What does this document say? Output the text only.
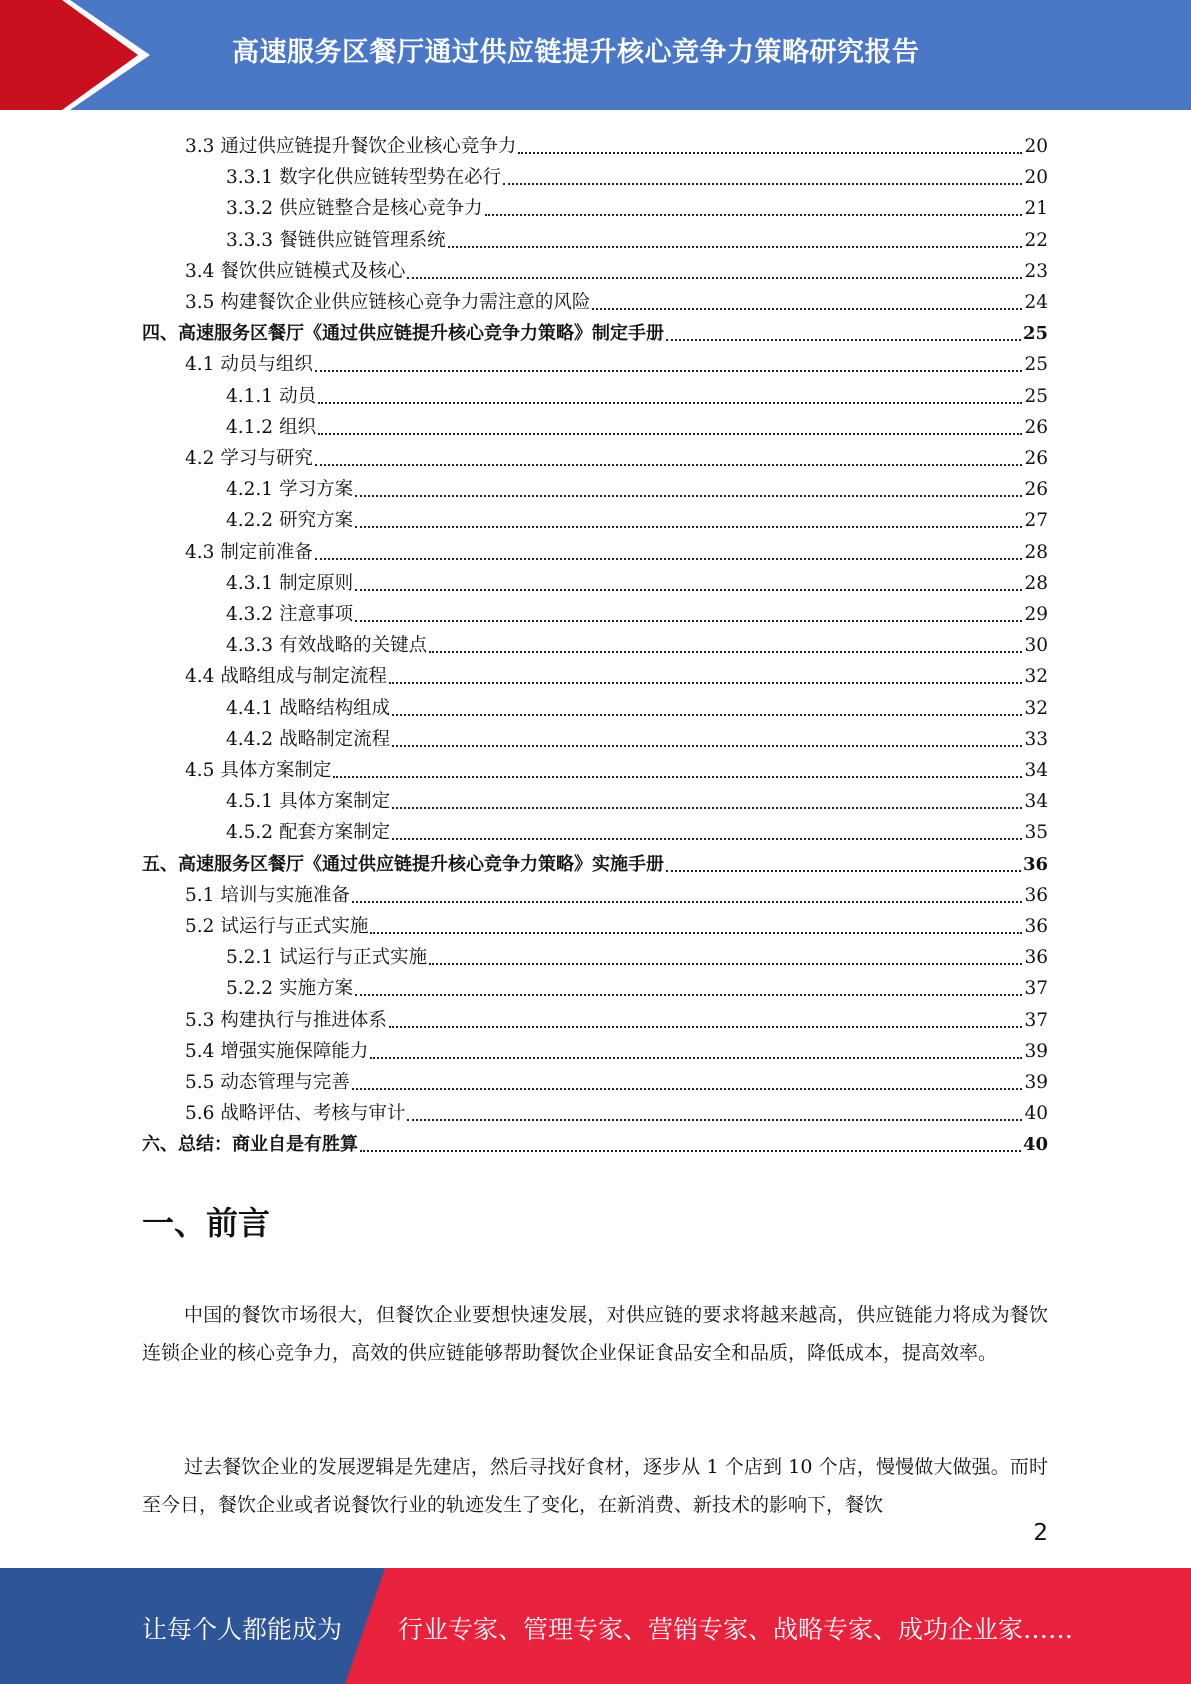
高速服务区餐厅通过供应链提升核心竞争力策略研究报告
3.3 通过供应链提升餐饮企业核心竞争力	20
3.3.1 数字化供应链转型势在必行	20
3.3.2 供应链整合是核心竞争力	21
3.3.3 餐链供应链管理系统	22
3.4 餐饮供应链模式及核心	23
3.5 构建餐饮企业供应链核心竞争力需注意的风险	24
四、 高速服务区餐厅《通过供应链提升核心竞争力策略》制定手册	25
4.1 动员与组织	25
4.1.1 动员	25
4.1.2 组织	26
4.2 学习与研究	26
4.2.1 学习方案	26
4.2.2 研究方案	27
4.3 制定前准备	28
4.3.1 制定原则	28
4.3.2 注意事项	29
4.3.3 有效战略的关键点	30
4.4 战略组成与制定流程	32
4.4.1 战略结构组成	32
4.4.2 战略制定流程	33
4.5 具体方案制定	34
4.5.1 具体方案制定	34
4.5.2 配套方案制定	35
五、 高速服务区餐厅《通过供应链提升核心竞争力策略》实施手册	36
5.1 培训与实施准备	36
5.2 试运行与正式实施	36
5.2.1 试运行与正式实施	36
5.2.2 实施方案	37
5.3 构建执行与推进体系	37
5.4 增强实施保障能力	39
5.5 动态管理与完善	39
5.6 战略评估、考核与审计	40
六、 总结：商业自是有胜算	40
一、前言

中国的餐饮市场很大，但餐饮企业要想快速发展，对供应链的要求将越来越高，供应链能力将成为餐饮连锁企业的核心竞争力，高效的供应链能够帮助餐饮企业保证食品安全和品质，降低成本，提高效率。

过去餐饮企业的发展逻辑是先建店，然后寻找好食材，逐步从 1 个店到 10 个店，慢慢做大做强。而时至今日，餐饮企业或者说餐饮行业的轨迹发生了变化，在新消费、新技术的影响下，餐饮

2
让每个人都能成为 行业专家、管理专家、营销专家、战略专家、成功企业家……
